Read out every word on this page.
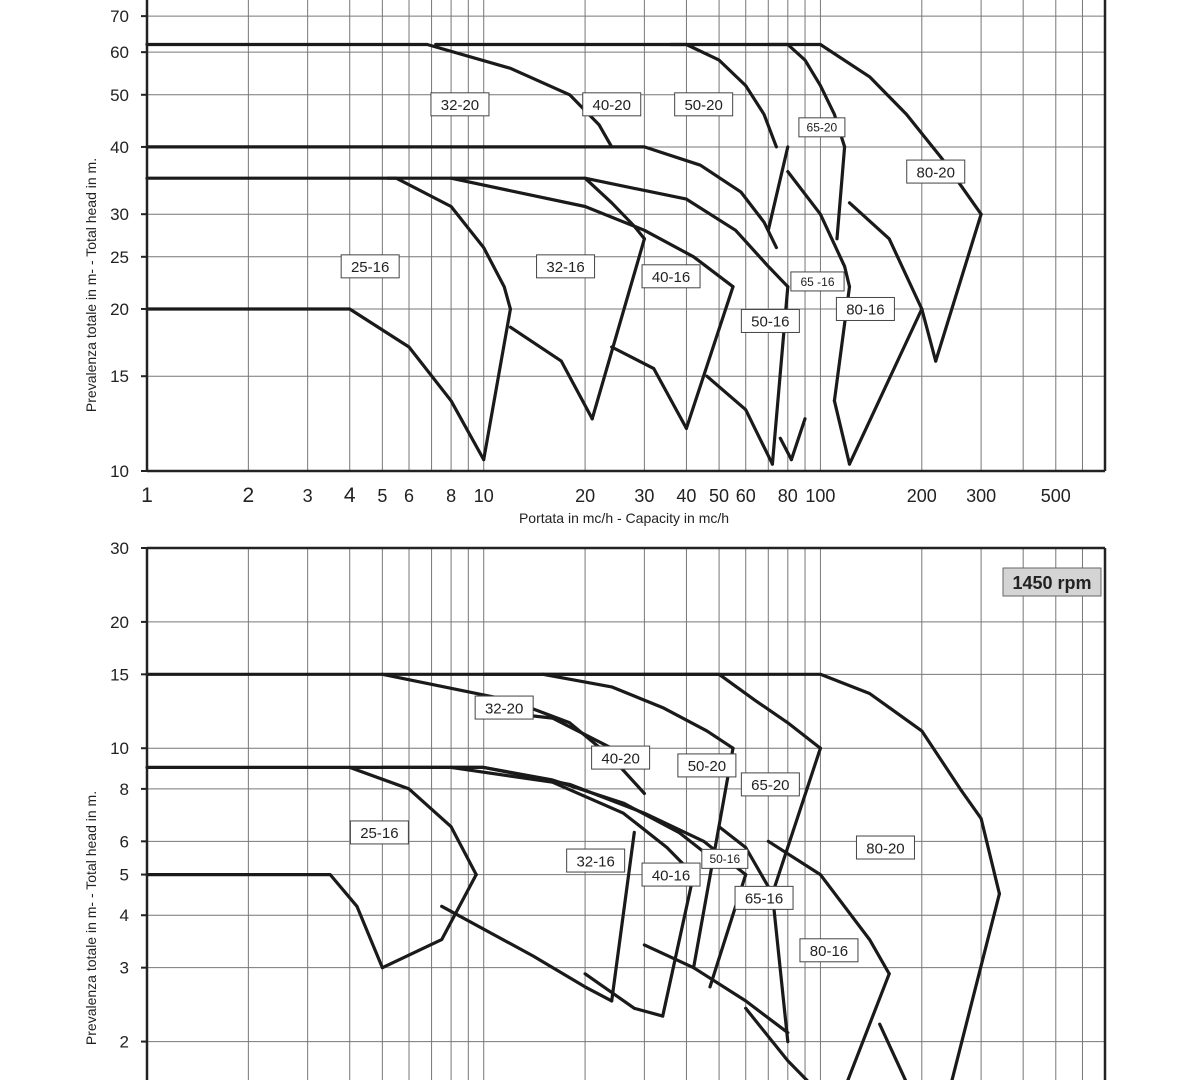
32-20	40-20	50-20
65-20
80-20
25-16	32-16
40-16	65 -16
80-16
50-16
10
15
20
25
30
40
50
60
70
1	2	3 4 5 6 8 10	20 30 40 50 60 80 100	200 300 500
Prevalenza totale in m- - Total head in m.
Portata in mc/h - Capacity in mc/h
32-20
40-20	50-20
65-20
25-16
80-20
32-16	50-16
40-16
65-16
80-16
2
3
4
5
6
8
10
15
20
30
1450 rpm
Prevalenza totale in m- - Total head in m.
